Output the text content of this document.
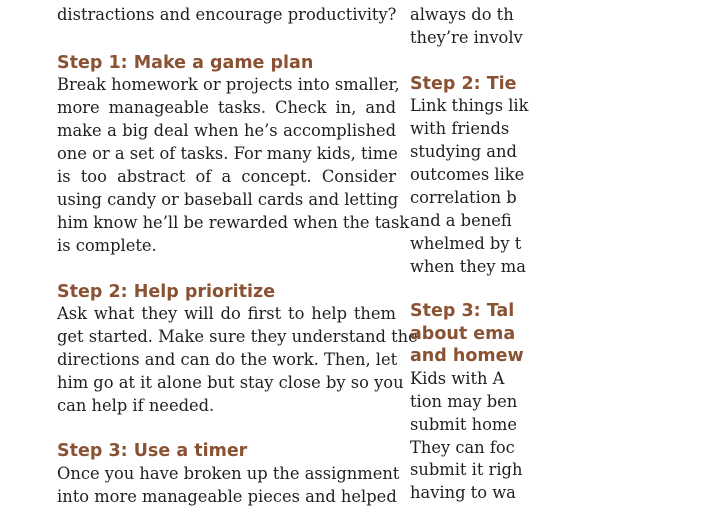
distractions and encourage productivity?
Step 1: Make a game plan
Break homework or projects into smaller,
more manageable tasks. Check in, and
make a big deal when he’s accomplished
one or a set of tasks. For many kids, time
is too abstract of a concept. Consider
using candy or baseball cards and letting
him know he’ll be rewarded when the task
is complete.
Step 2: Help prioritize
Ask what they will do first to help them
get started. Make sure they understand the
directions and can do the work. Then, let
him go at it alone but stay close by so you
can help if needed.
Step 3: Use a timer
Once you have broken up the assignment
into more manageable pieces and helped
always do th
they’re involv
Step 2: Tie
Link things lik
with friends
studying and
outcomes like
correlation b
and a benefi
whelmed by t
when they ma
Step 3: Tal
about ema
and homew
Kids with A
tion may ben
submit home
They can foc
submit it righ
having to wa
